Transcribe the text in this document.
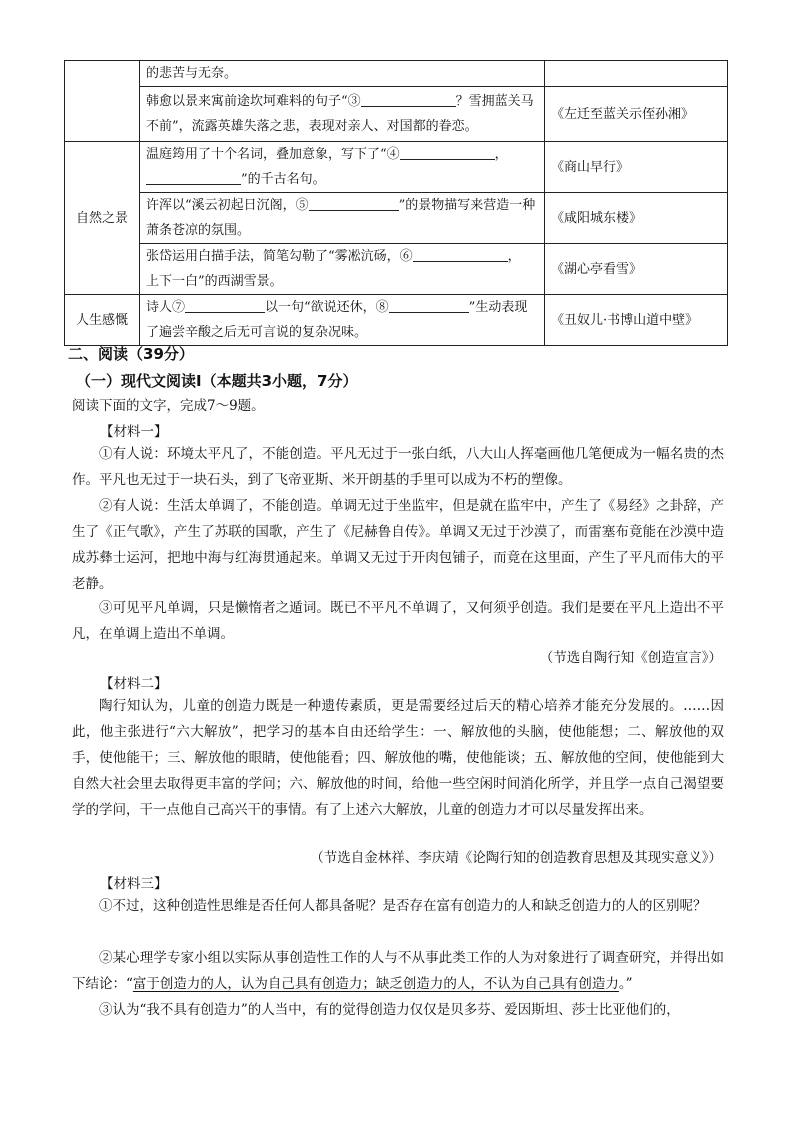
	的悲苦与无奈。	
	韩愈以景来寓前途坎坷难料的句子“③ ？雪拥蓝关马不前”，流露英雄失落之悲，表现对亲人、对国都的眷恋。	《左迁至蓝关示侄孙湘》
自然之景	温庭筠用了十个名词，叠加意象，写下了“④ ，
”的千古名句。	《商山早行》
	许浑以“溪云初起日沉阁，⑤ ”的景物描写来营造一种萧条苍凉的氛围。	《咸阳城东楼》
	张岱运用白描手法，简笔勾勒了“雾凇沆砀，⑥ ，
上下一白”的西湖雪景。	《湖心亭看雪》
人生感慨	诗人⑦ 以一句“欲说还休，⑧ ”生动表现了遍尝辛酸之后无可言说的复杂况味。	《丑奴儿·书博山道中壁》
二、阅读（39分）
（一）现代文阅读Ⅰ（本题共3小题，7分）
阅读下面的文字，完成7～9题。
【材料一】

①有人说：环境太平凡了，不能创造。平凡无过于一张白纸，八大山人挥毫画他几笔便成为一幅名贵的杰作。平凡也无过于一块石头，到了飞帝亚斯、米开朗基的手里可以成为不朽的塑像。

②有人说：生活太单调了，不能创造。单调无过于坐监牢，但是就在监牢中，产生了《易经》之卦辞，产生了《正气歌》，产生了苏联的国歌，产生了《尼赫鲁自传》。单调又无过于沙漠了，而雷塞布竟能在沙漠中造成苏彝士运河，把地中海与红海贯通起来。单调又无过于开肉包铺子，而竟在这里面，产生了平凡而伟大的平老静。

③可见平凡单调，只是懒惰者之遁词。既已不平凡不单调了，又何须乎创造。我们是要在平凡上造出不平凡，在单调上造出不单调。

（节选自陶行知《创造宣言》）
【材料二】

陶行知认为，儿童的创造力既是一种遗传素质，更是需要经过后天的精心培养才能充分发展的。……因此，他主张进行“六大解放”，把学习的基本自由还给学生：一、解放他的头脑，使他能想；二、解放他的双手，使他能干；三、解放他的眼睛，使他能看；四、解放他的嘴，使他能谈；五、解放他的空间，使他能到大自然大社会里去取得更丰富的学问；六、解放他的时间，给他一些空闲时间消化所学，并且学一点自己渴望要学的学问，干一点他自己高兴干的事情。有了上述六大解放，儿童的创造力才可以尽量发挥出来。

（节选自金林祥、李庆靖《论陶行知的创造教育思想及其现实意义》）
【材料三】

①不过，这种创造性思维是否任何人都具备呢？是否存在富有创造力的人和缺乏创造力的人的区别呢？

②某心理学专家小组以实际从事创造性工作的人与不从事此类工作的人为对象进行了调查研究，并得出如下结论：“富于创造力的人，认为自己具有创造力；缺乏创造力的人，不认为自己具有创造力。”

③认为“我不具有创造力”的人当中，有的觉得创造力仅仅是贝多芬、爱因斯坦、莎士比亚他们的，
